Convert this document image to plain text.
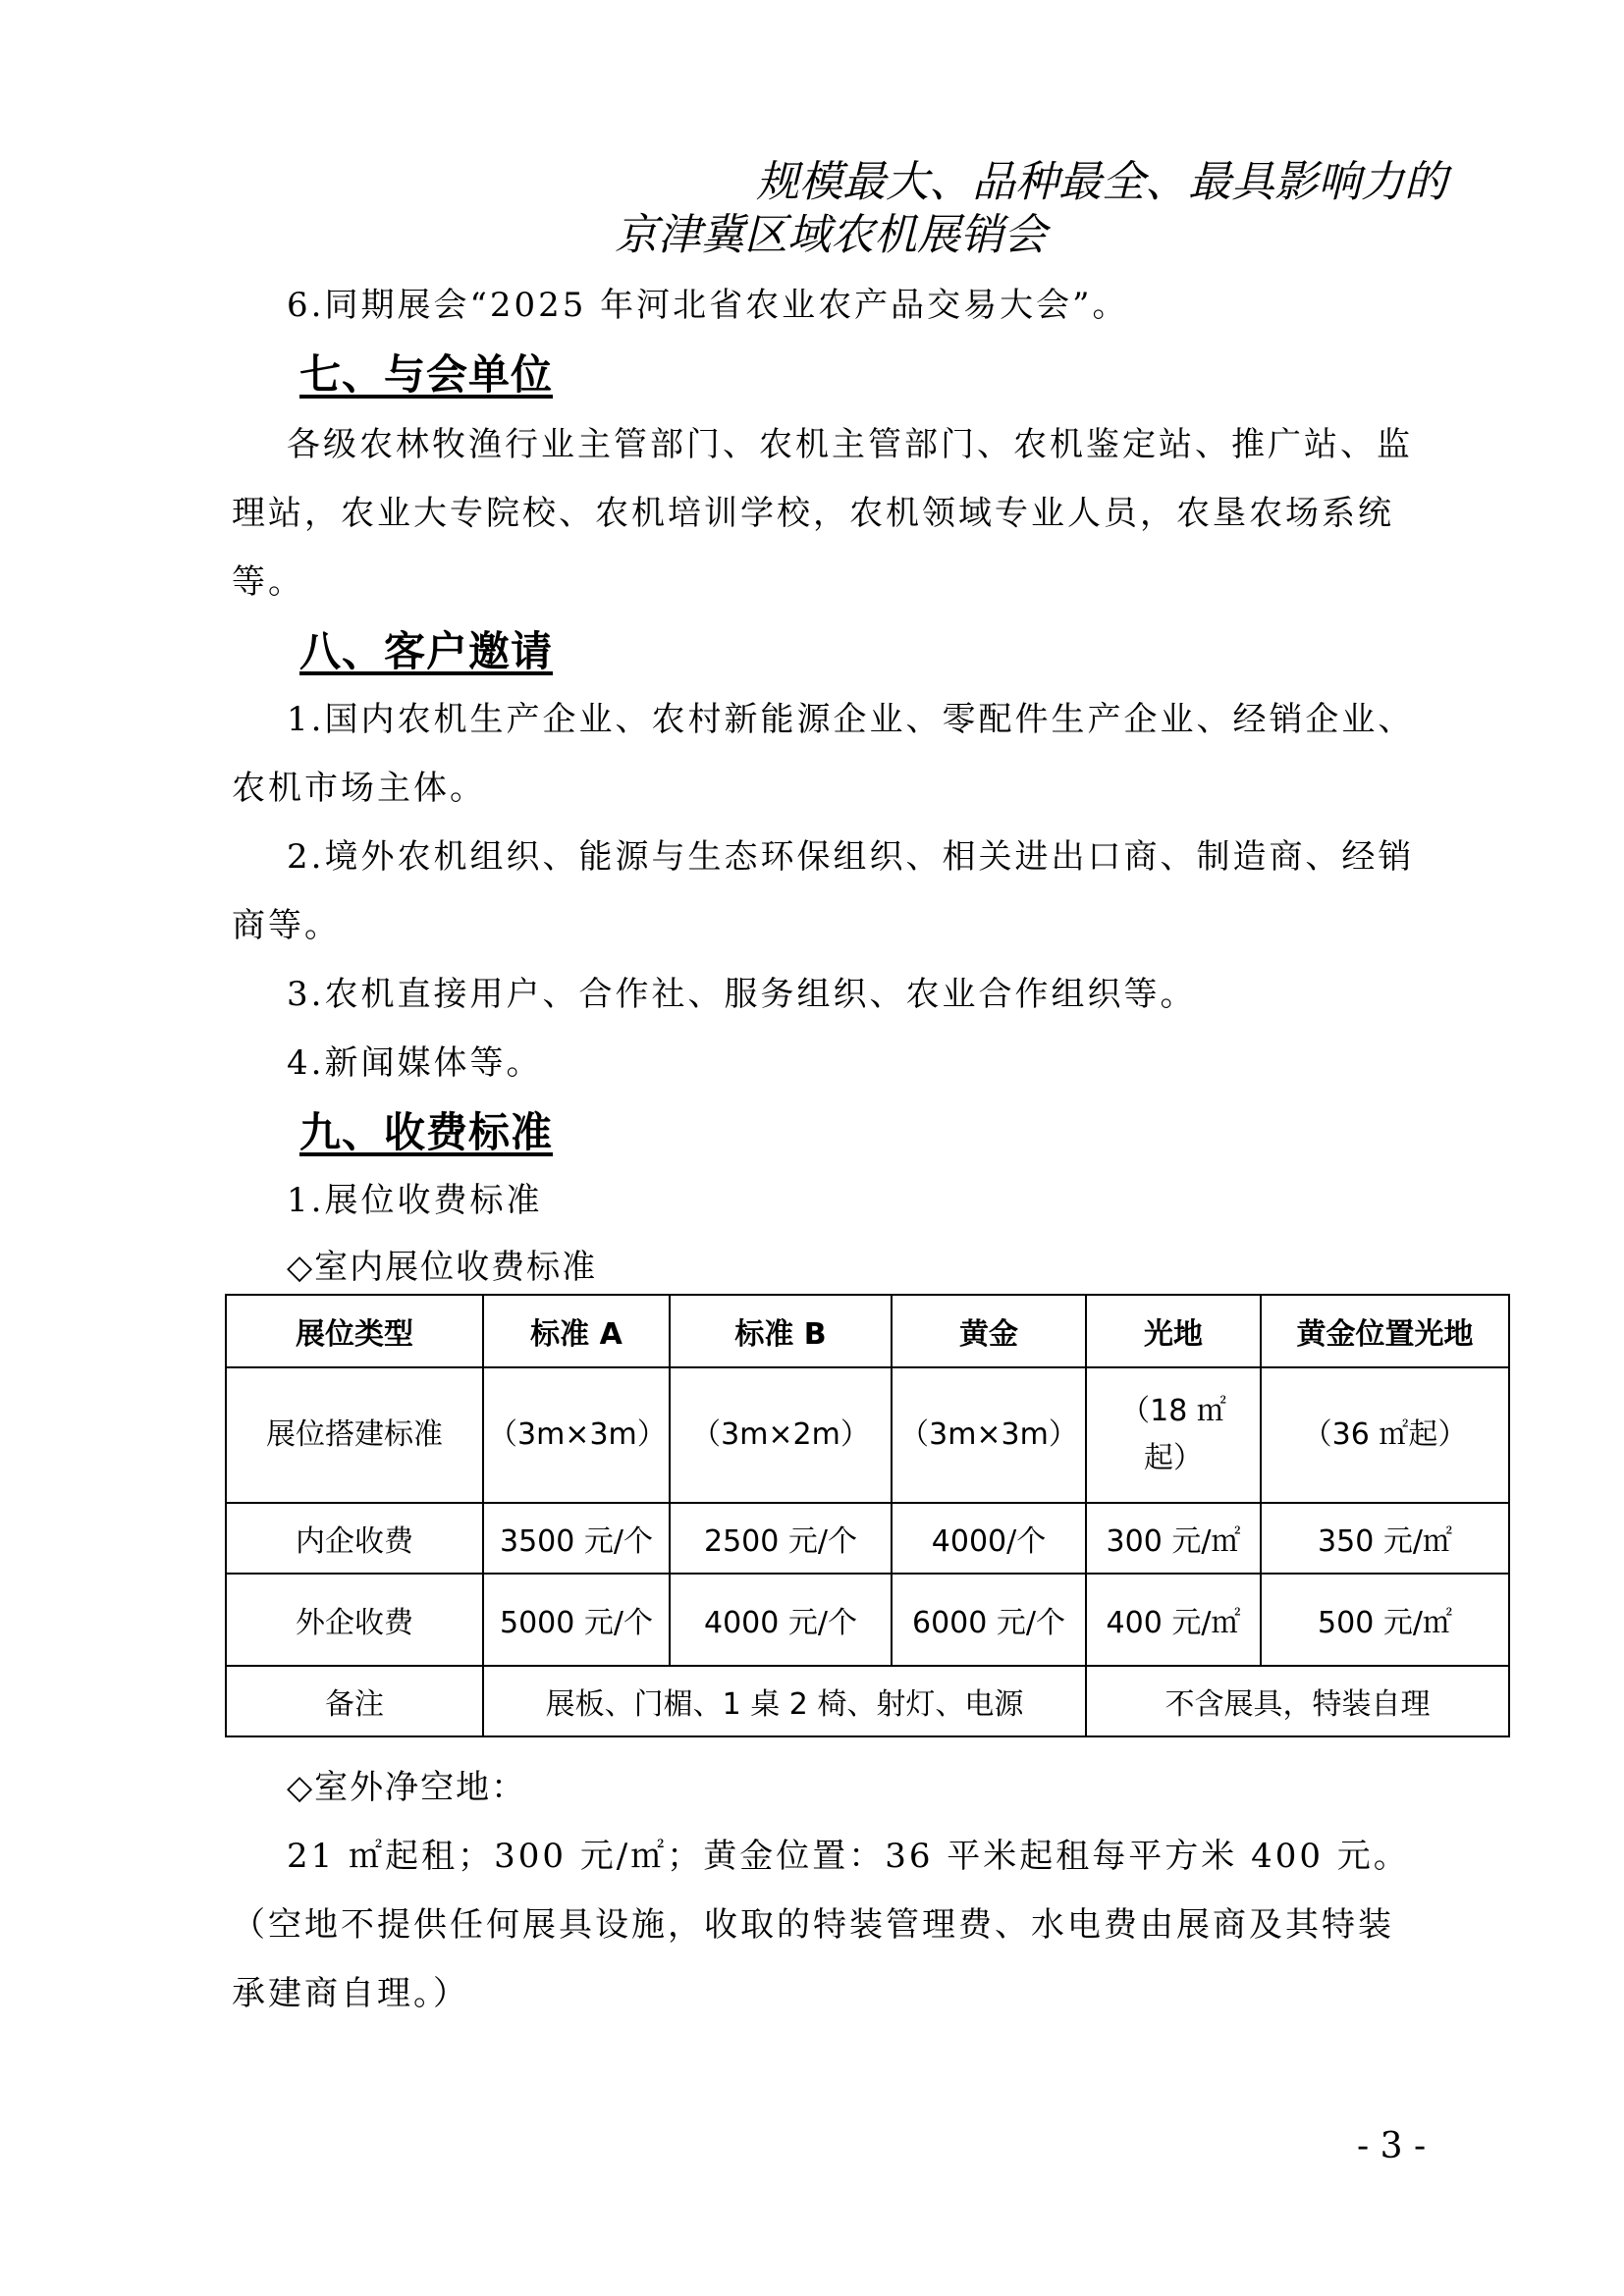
规模最大、品种最全、最具影响力的
京津冀区域农机展销会

6.同期展会“2025 年河北省农业农产品交易大会”。

七、与会单位

各级农林牧渔行业主管部门、农机主管部门、农机鉴定站、推广站、监理站，农业大专院校、农机培训学校，农机领域专业人员，农垦农场系统等。

八、客户邀请

1.国内农机生产企业、农村新能源企业、零配件生产企业、经销企业、农机市场主体。

2.境外农机组织、能源与生态环保组织、相关进出口商、制造商、经销商等。

3.农机直接用户、合作社、服务组织、农业合作组织等。

4.新闻媒体等。

九、收费标准

1.展位收费标准

◇室内展位收费标准

展位类型	标准 A	标准 B	黄金	光地	黄金位置光地
展位搭建标准	（3m×3m）	（3m×2m）	（3m×3m）	（18 ㎡起）	（36 ㎡起）
内企收费	3500 元/个	2500 元/个	4000/个	300 元/㎡	350 元/㎡
外企收费	5000 元/个	4000 元/个	6000 元/个	400 元/㎡	500 元/㎡
备注	展板、门楣、1 桌 2 椅、射灯、电源			不含展具，特装自理	

◇室外净空地：

21 ㎡起租；300 元/㎡；黄金位置：36 平米起租每平方米 400 元。（空地不提供任何展具设施，收取的特装管理费、水电费由展商及其特装承建商自理。）

- 3 -
